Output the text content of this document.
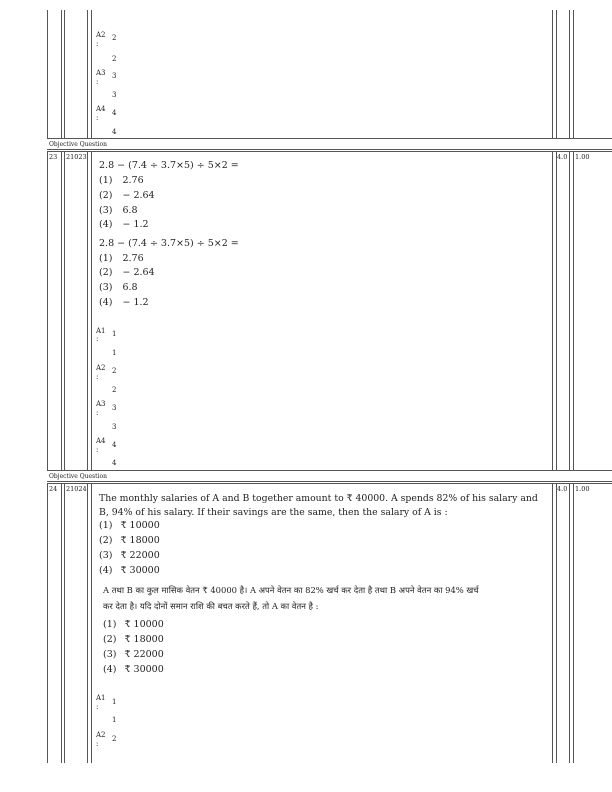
Objective Question
Objective Question
A2 2
:
2
A3 3
:
3
A4 4
:
4
23 21023	4.0 1.00
2.8 − (7.4 ÷ 3.7×5) ÷ 5×2 =
(1) 2.76
(2) − 2.64
(3) 6.8
(4) − 1.2
2.8 − (7.4 ÷ 3.7×5) ÷ 5×2 =
(1) 2.76
(2) − 2.64
(3) 6.8
(4) − 1.2
A1 1
:
1
A2 2
:
2
A3 3
:
3
A4 4
:
4
24 21024	4.0 1.00
The monthly salaries of A and B together amount to ₹ 40000. A spends 82% of his salary and
B, 94% of his salary. If their savings are the same, then the salary of A is :
(1) ₹ 10000
(2) ₹ 18000
(3) ₹ 22000
(4) ₹ 30000
A तथा B का कुल मासिक वेतन ₹ 40000 है। A अपने वेतन का 82% खर्च कर देता है तथा B अपने वेतन का 94% खर्च
कर देता है। यदि दोनों समान राशि की बचत करते हैं, तो A का वेतन है :
(1) ₹ 10000
(2) ₹ 18000
(3) ₹ 22000
(4) ₹ 30000
A1 1
:
1
A2 2
:
